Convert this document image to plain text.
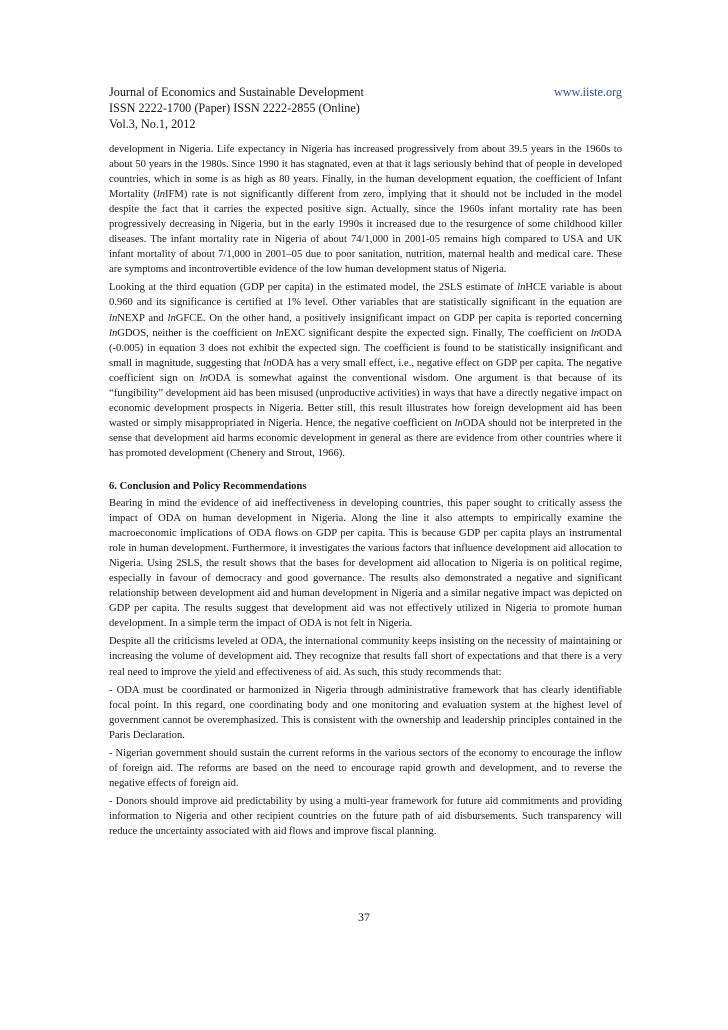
Journal of Economics and Sustainable Development	www.iiste.org
ISSN 2222-1700 (Paper) ISSN 2222-2855 (Online)
Vol.3, No.1, 2012

development in Nigeria. Life expectancy in Nigeria has increased progressively from about 39.5 years in the 1960s to about 50 years in the 1980s. Since 1990 it has stagnated, even at that it lags seriously behind that of people in developed countries, which in some is as high as 80 years. Finally, in the human development equation, the coefficient of Infant Mortality (lnIFM) rate is not significantly different from zero, implying that it should not be included in the model despite the fact that it carries the expected positive sign. Actually, since the 1960s infant mortality rate has been progressively decreasing in Nigeria, but in the early 1990s it increased due to the resurgence of some childhood killer diseases. The infant mortality rate in Nigeria of about 74/1,000 in 2001-05 remains high compared to USA and UK infant mortality of about 7/1,000 in 2001–05 due to poor sanitation, nutrition, maternal health and medical care. These are symptoms and incontrovertible evidence of the low human development status of Nigeria.

Looking at the third equation (GDP per capita) in the estimated model, the 2SLS estimate of lnHCE variable is about 0.960 and its significance is certified at 1% level. Other variables that are statistically significant in the equation are lnNEXP and lnGFCE. On the other hand, a positively insignificant impact on GDP per capita is reported concerning lnGDOS, neither is the coefficient on lnEXC significant despite the expected sign. Finally, The coefficient on lnODA (-0.005) in equation 3 does not exhibit the expected sign. The coefficient is found to be statistically insignificant and small in magnitude, suggesting that lnODA has a very small effect, i.e., negative effect on GDP per capita. The negative coefficient sign on lnODA is somewhat against the conventional wisdom. One argument is that because of its “fungibility” development aid has been misused (unproductive activities) in ways that have a directly negative impact on economic development prospects in Nigeria. Better still, this result illustrates how foreign development aid has been wasted or simply misappropriated in Nigeria. Hence, the negative coefficient on lnODA should not be interpreted in the sense that development aid harms economic development in general as there are evidence from other countries where it has promoted development (Chenery and Strout, 1966).

6. Conclusion and Policy Recommendations

Bearing in mind the evidence of aid ineffectiveness in developing countries, this paper sought to critically assess the impact of ODA on human development in Nigeria. Along the line it also attempts to empirically examine the macroeconomic implications of ODA flows on GDP per capita. This is because GDP per capita plays an instrumental role in human development. Furthermore, it investigates the various factors that influence development aid allocation to Nigeria. Using 2SLS, the result shows that the bases for development aid allocation to Nigeria is on political regime, especially in favour of democracy and good governance. The results also demonstrated a negative and significant relationship between development aid and human development in Nigeria and a similar negative impact was depicted on GDP per capita. The results suggest that development aid was not effectively utilized in Nigeria to promote human development. In a simple term the impact of ODA is not felt in Nigeria.

Despite all the criticisms leveled at ODA, the international community keeps insisting on the necessity of maintaining or increasing the volume of development aid. They recognize that results fall short of expectations and that there is a very real need to improve the yield and effectiveness of aid. As such, this study recommends that:

- ODA must be coordinated or harmonized in Nigeria through administrative framework that has clearly identifiable focal point. In this regard, one coordinating body and one monitoring and evaluation system at the highest level of government cannot be overemphasized. This is consistent with the ownership and leadership principles contained in the Paris Declaration.

- Nigerian government should sustain the current reforms in the various sectors of the economy to encourage the inflow of foreign aid. The reforms are based on the need to encourage rapid growth and development, and to reverse the negative effects of foreign aid.

- Donors should improve aid predictability by using a multi-year framework for future aid commitments and providing information to Nigeria and other recipient countries on the future path of aid disbursements. Such transparency will reduce the uncertainty associated with aid flows and improve fiscal planning.

37
